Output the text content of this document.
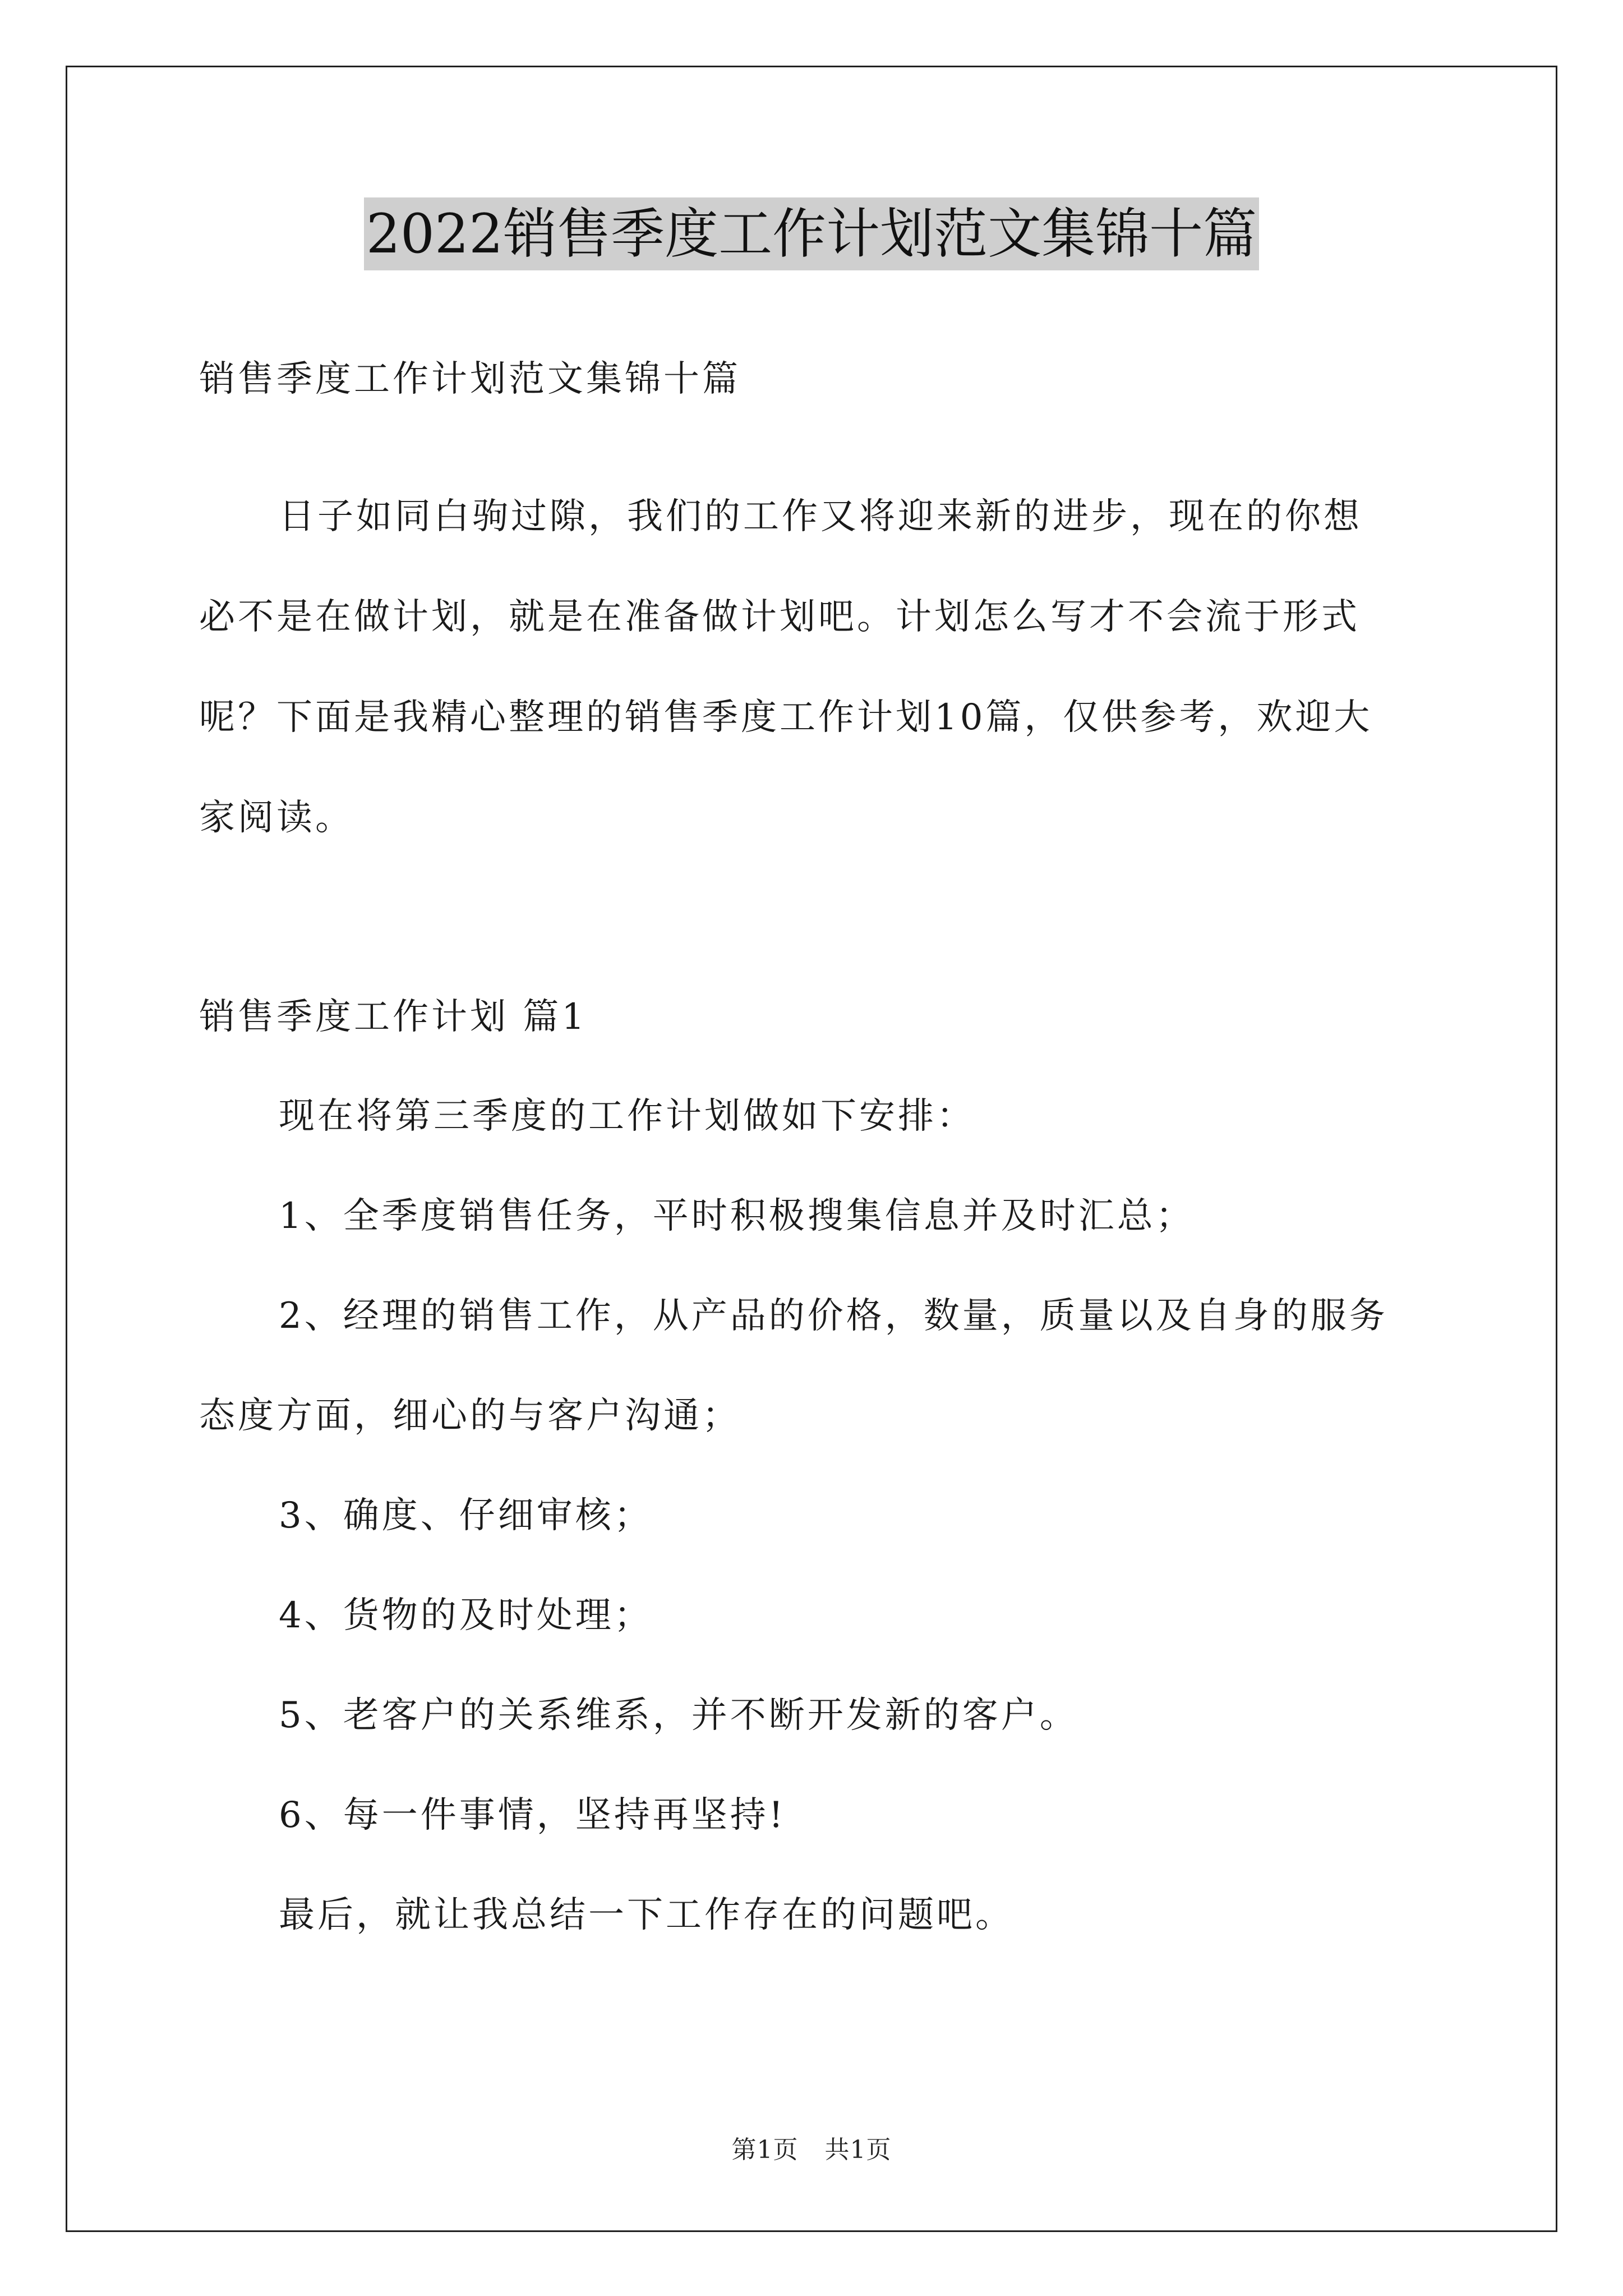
2022销售季度工作计划范文集锦十篇
销售季度工作计划范文集锦十篇
日子如同白驹过隙，我们的工作又将迎来新的进步，现在的你想
必不是在做计划，就是在准备做计划吧。计划怎么写才不会流于形式
呢？下面是我精心整理的销售季度工作计划10篇，仅供参考，欢迎大
家阅读。
销售季度工作计划 篇1
现在将第三季度的工作计划做如下安排：
1、全季度销售任务，平时积极搜集信息并及时汇总；
2、经理的销售工作，从产品的价格，数量，质量以及自身的服务
态度方面，细心的与客户沟通；
3、确度、仔细审核；
4、货物的及时处理；
5、老客户的关系维系，并不断开发新的客户。
6、每一件事情，坚持再坚持!
最后，就让我总结一下工作存在的问题吧。
第1页 共1页
